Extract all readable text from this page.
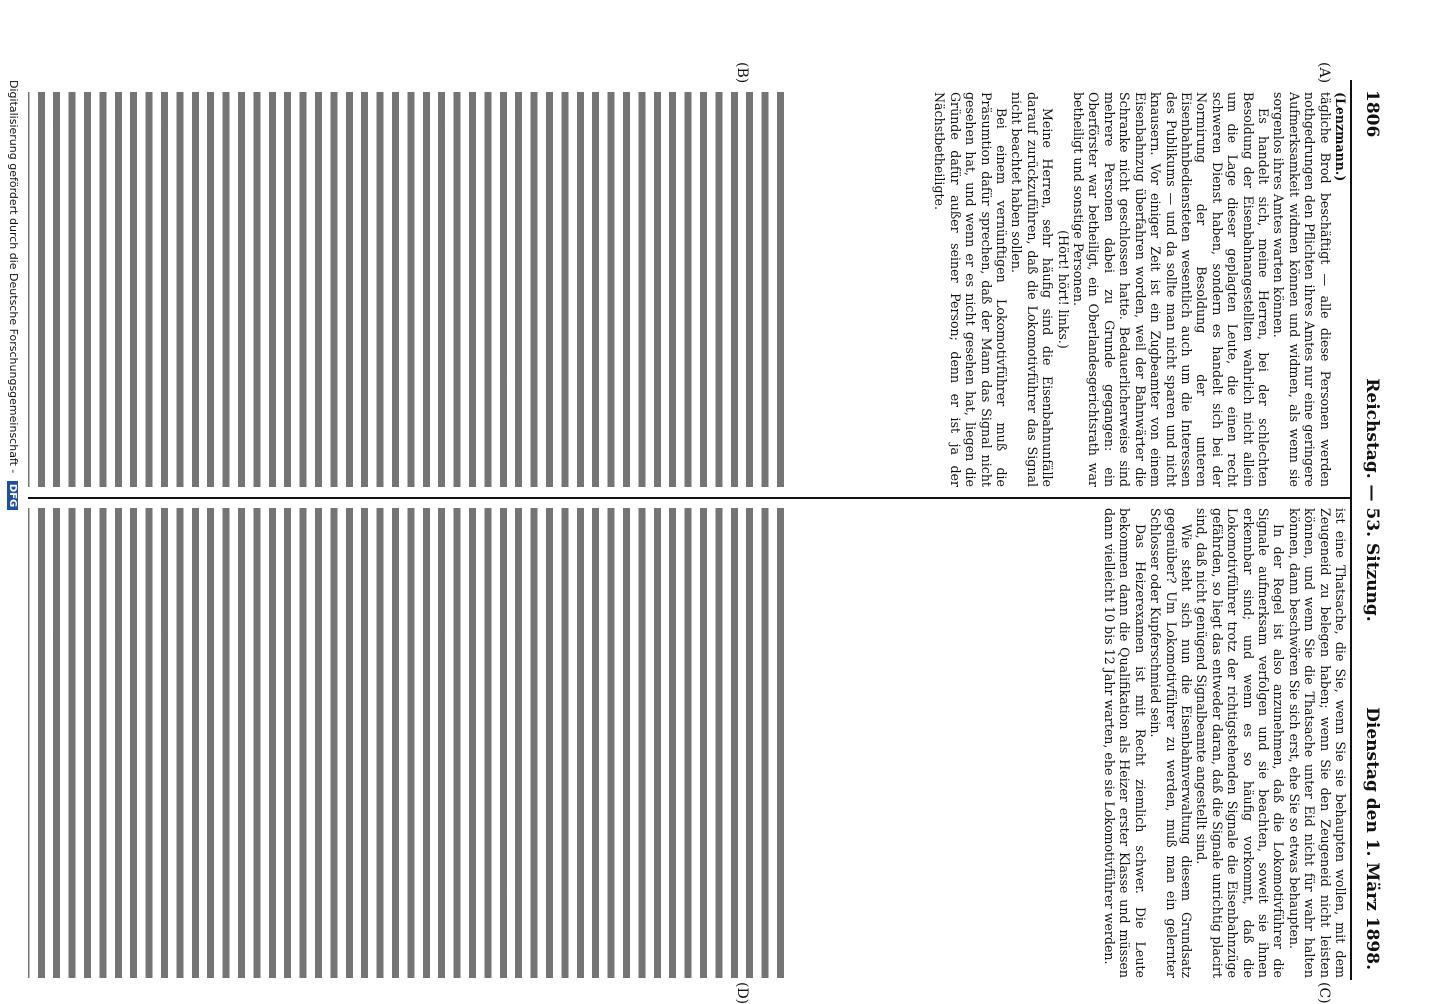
1806
Reichstag. — 53. Sitzung.
Dienstag den 1. März 1898.
(A)
(B)
(C)
(D)

(Lenzmann.)

tägliche Brod beschäftigt — alle diese Personen werden nothgedrungen den Pflichten ihres Amtes nur eine geringere Aufmerksamkeit widmen können und widmen, als wenn sie sorgenlos ihres Amtes warten können.

Es handelt sich, meine Herren, bei der schlechten Besoldung der Eisenbahnangestellten wahrlich nicht allein um die Lage dieser geplagten Leute, die einen recht schweren Dienst haben, sondern es handelt sich bei der Normirung der Besoldung der unteren Eisenbahnbediensteten wesentlich auch um die Interessen des Publikums — und da sollte man nicht sparen und nicht knausern. Vor einiger Zeit ist ein Zugbeamter von einem Eisenbahnzug überfahren worden, weil der Bahnwärter die Schranke nicht geschlossen hatte. Bedauerlicherweise sind mehrere Personen dabei zu Grunde gegangen: ein Oberförster war betheiligt, ein Oberlandesgerichtsrath war betheiligt und sonstige Personen.

(Hört! hört! links.)

Meine Herren, sehr häufig sind die Eisenbahnunfälle darauf zurückzuführen, daß die Lokomotivführer das Signal nicht beachtet haben sollen.

Bei einem vernünftigen Lokomotivführer muß die Präsumtion dafür sprechen, daß der Mann das Signal nicht gesehen hat, und wenn er es nicht gesehen hat, liegen die Gründe dafür außer seiner Person; denn er ist ja der Nächstbetheiligte.

ist eine Thatsache, die Sie, wenn Sie sie behaupten wollen, mit dem Zeugeneid zu belegen haben; wenn Sie den Zeugeneid nicht leisten können, und wenn Sie die Thatsache unter Eid nicht für wahr halten können, dann beschwören Sie sich erst, ehe Sie so etwas behaupten.

In der Regel ist also anzunehmen, daß die Lokomotivführer die Signale aufmerksam verfolgen und sie beachten, soweit sie ihnen erkennbar sind; und wenn es so häufig vorkommt, daß die Lokomotivführer trotz der richtigstehenden Signale die Eisenbahnzüge gefährden, so liegt das entweder daran, daß die Signale unrichtig placirt sind, daß nicht genügend Signalbeamte angestellt sind.

Wie steht sich nun die Eisenbahnverwaltung diesem Grundsatz gegenüber? Um Lokomotivführer zu werden, muß man ein gelernter Schlosser oder Kupferschmied sein.

Das Heizerexamen ist mit Recht ziemlich schwer. Die Leute bekommen dann die Qualifikation als Heizer erster Klasse und müssen dann vielleicht 10 bis 12 Jahr warten, ehe sie Lokomotivführer werden.

Digitalisierung gefördert durch die Deutsche Forschungsgemeinschaft - DFG
